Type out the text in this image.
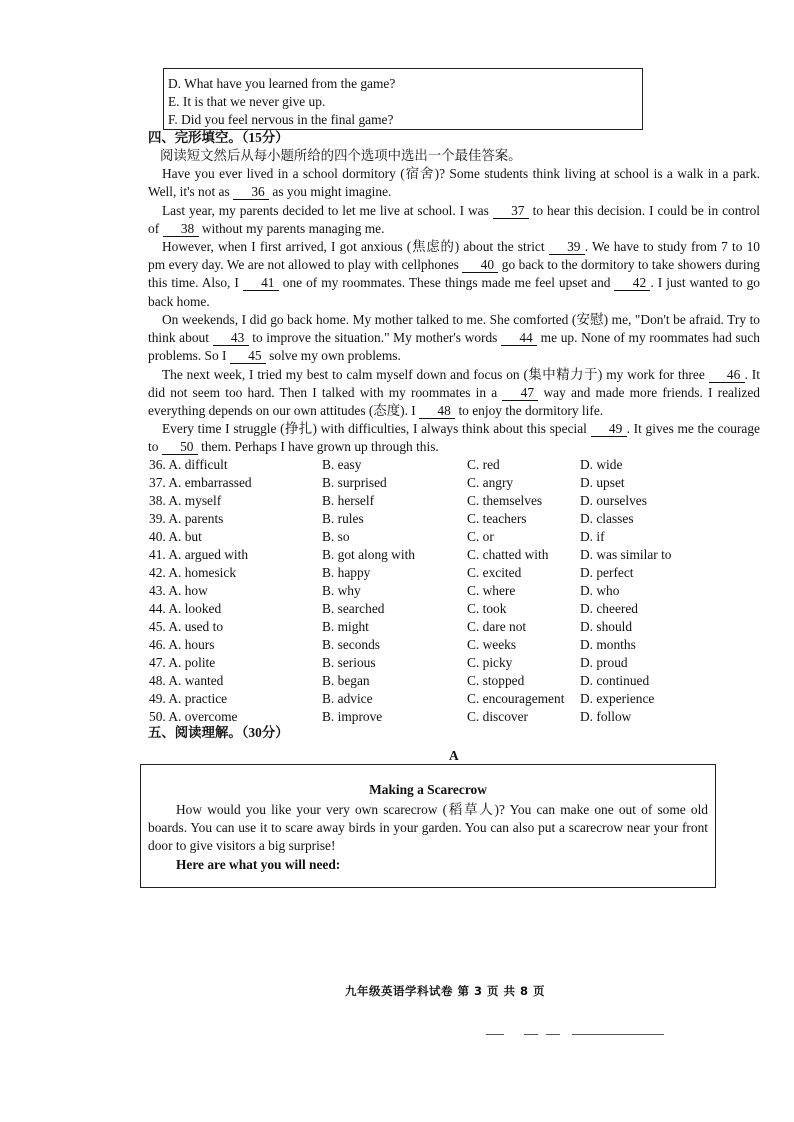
D. What have you learned from the game?
E. It is that we never give up.
F. Did you feel nervous in the final game?
四、完形填空。（15分）
阅读短文然后从每小题所给的四个选项中选出一个最佳答案。
Have you ever lived in a school dormitory (宿舍)? Some students think living at school is a walk in a park. Well, it's not as 36 as you might imagine.
Last year, my parents decided to let me live at school. I was 37 to hear this decision. I could be in control of 38 without my parents managing me.
However, when I first arrived, I got anxious (焦虑的) about the strict 39 . We have to study from 7 to 10 pm every day. We are not allowed to play with cellphones 40 go back to the dormitory to take showers during this time. Also, I 41 one of my roommates. These things made me feel upset and 42 . I just wanted to go back home.
On weekends, I did go back home. My mother talked to me. She comforted (安慰) me, "Don't be afraid. Try to think about 43 to improve the situation." My mother's words 44 me up. None of my roommates had such problems. So I 45 solve my own problems.
The next week, I tried my best to calm myself down and focus on (集中精力于) my work for three 46 . It did not seem too hard. Then I talked with my roommates in a 47 way and made more friends. I realized everything depends on our own attitudes (态度). I 48 to enjoy the dormitory life.
Every time I struggle (挣扎) with difficulties, I always think about this special 49 . It gives me the courage to 50 them. Perhaps I have grown up through this.
36. A. difficult	B. easy	C. red	D. wide
37. A. embarrassed	B. surprised	C. angry	D. upset
38. A. myself	B. herself	C. themselves	D. ourselves
39. A. parents	B. rules	C. teachers	D. classes
40. A. but	B. so	C. or	D. if
41. A. argued with	B. got along with	C. chatted with D. was similar to
42. A. homesick	B. happy	C. excited	D. perfect
43. A. how	B. why	C. where	D. who
44. A. looked	B. searched	C. took	D. cheered
45. A. used to	B. might	C. dare not	D. should
46. A. hours	B. seconds	C. weeks	D. months
47. A. polite	B. serious	C. picky	D. proud
48. A. wanted	B. began	C. stopped	D. continued
49. A. practice	B. advice	C. encouragement D. experience
50. A. overcome	B. improve	C. discover	D. follow
五、阅读理解。（30分）
A
Making a Scarecrow
How would you like your very own scarecrow (稻草人)? You can make one out of some old boards. You can use it to scare away birds in your garden. You can also put a scarecrow near your front door to give visitors a big surprise!
Here are what you will need:
九年级英语学科试卷 第 3 页 共 8 页
